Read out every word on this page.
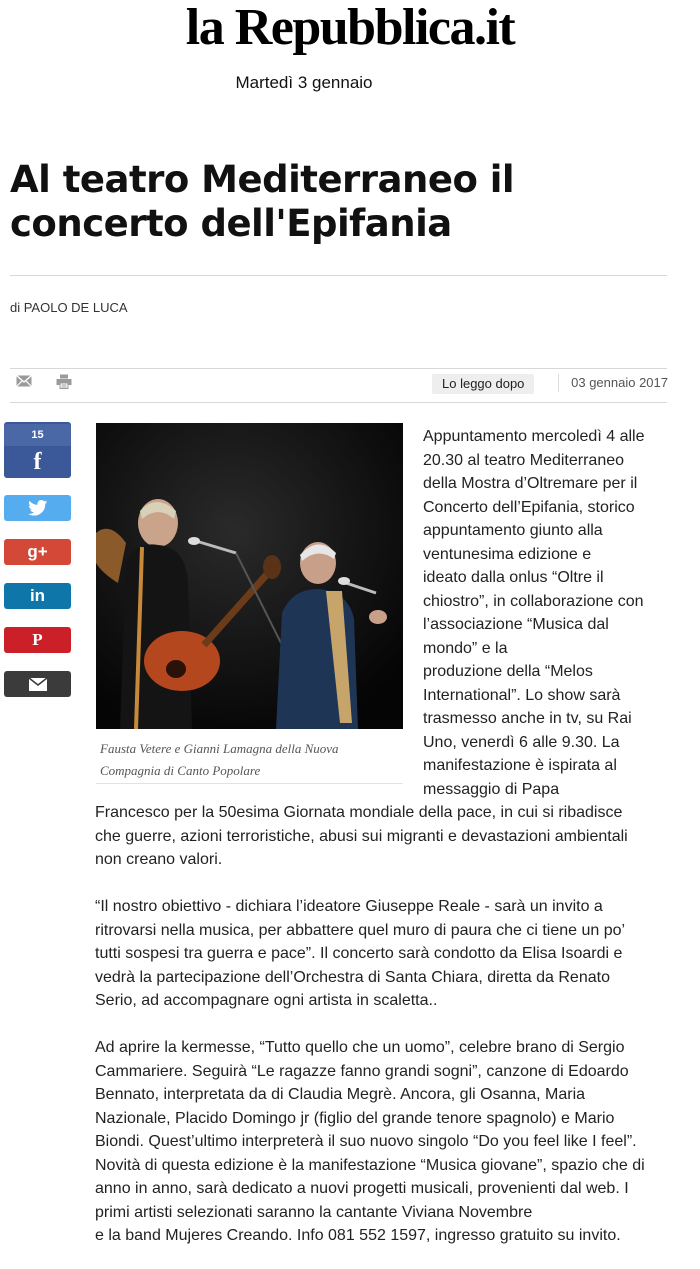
la Repubblica.it
Martedì 3 gennaio
Al teatro Mediterraneo il concerto dell'Epifania
di PAOLO DE LUCA
Lo leggo dopo	03 gennaio 2017
15
f
g+
in
P
Fausta Vetere e Gianni Lamagna della Nuova Compagnia di Canto Popolare

Appuntamento mercoledì 4 alle

20.30 al teatro Mediterraneo

della Mostra d’Oltremare per il

Concerto dell’Epifania, storico

appuntamento giunto alla

ventunesima edizione e

ideato dalla onlus “Oltre il

chiostro”, in collaborazione con

l’associazione “Musica dal

mondo” e la

produzione della “Melos

International”. Lo show sarà

trasmesso anche in tv, su Rai

Uno, venerdì 6 alle 9.30. La

manifestazione è ispirata al

messaggio di Papa

Francesco per la 50esima Giornata mondiale della pace, in cui si ribadisce

che guerre, azioni terroristiche, abusi sui migranti e devastazioni ambientali

non creano valori.

“Il nostro obiettivo - dichiara l’ideatore Giuseppe Reale - sarà un invito a

ritrovarsi nella musica, per abbattere quel muro di paura che ci tiene un po’

tutti sospesi tra guerra e pace”. Il concerto sarà condotto da Elisa Isoardi e

vedrà la partecipazione dell’Orchestra di Santa Chiara, diretta da Renato

Serio, ad accompagnare ogni artista in scaletta..

Ad aprire la kermesse, “Tutto quello che un uomo”, celebre brano di Sergio

Cammariere. Seguirà “Le ragazze fanno grandi sogni”, canzone di Edoardo

Bennato, interpretata da di Claudia Megrè. Ancora, gli Osanna, Maria

Nazionale, Placido Domingo jr (figlio del grande tenore spagnolo) e Mario

Biondi. Quest’ultimo interpreterà il suo nuovo singolo “Do you feel like I feel”.

Novità di questa edizione è la manifestazione “Musica giovane”, spazio che di

anno in anno, sarà dedicato a nuovi progetti musicali, provenienti dal web. I

primi artisti selezionati saranno la cantante Viviana Novembre

e la band Mujeres Creando. Info 081 552 1597, ingresso gratuito su invito.
